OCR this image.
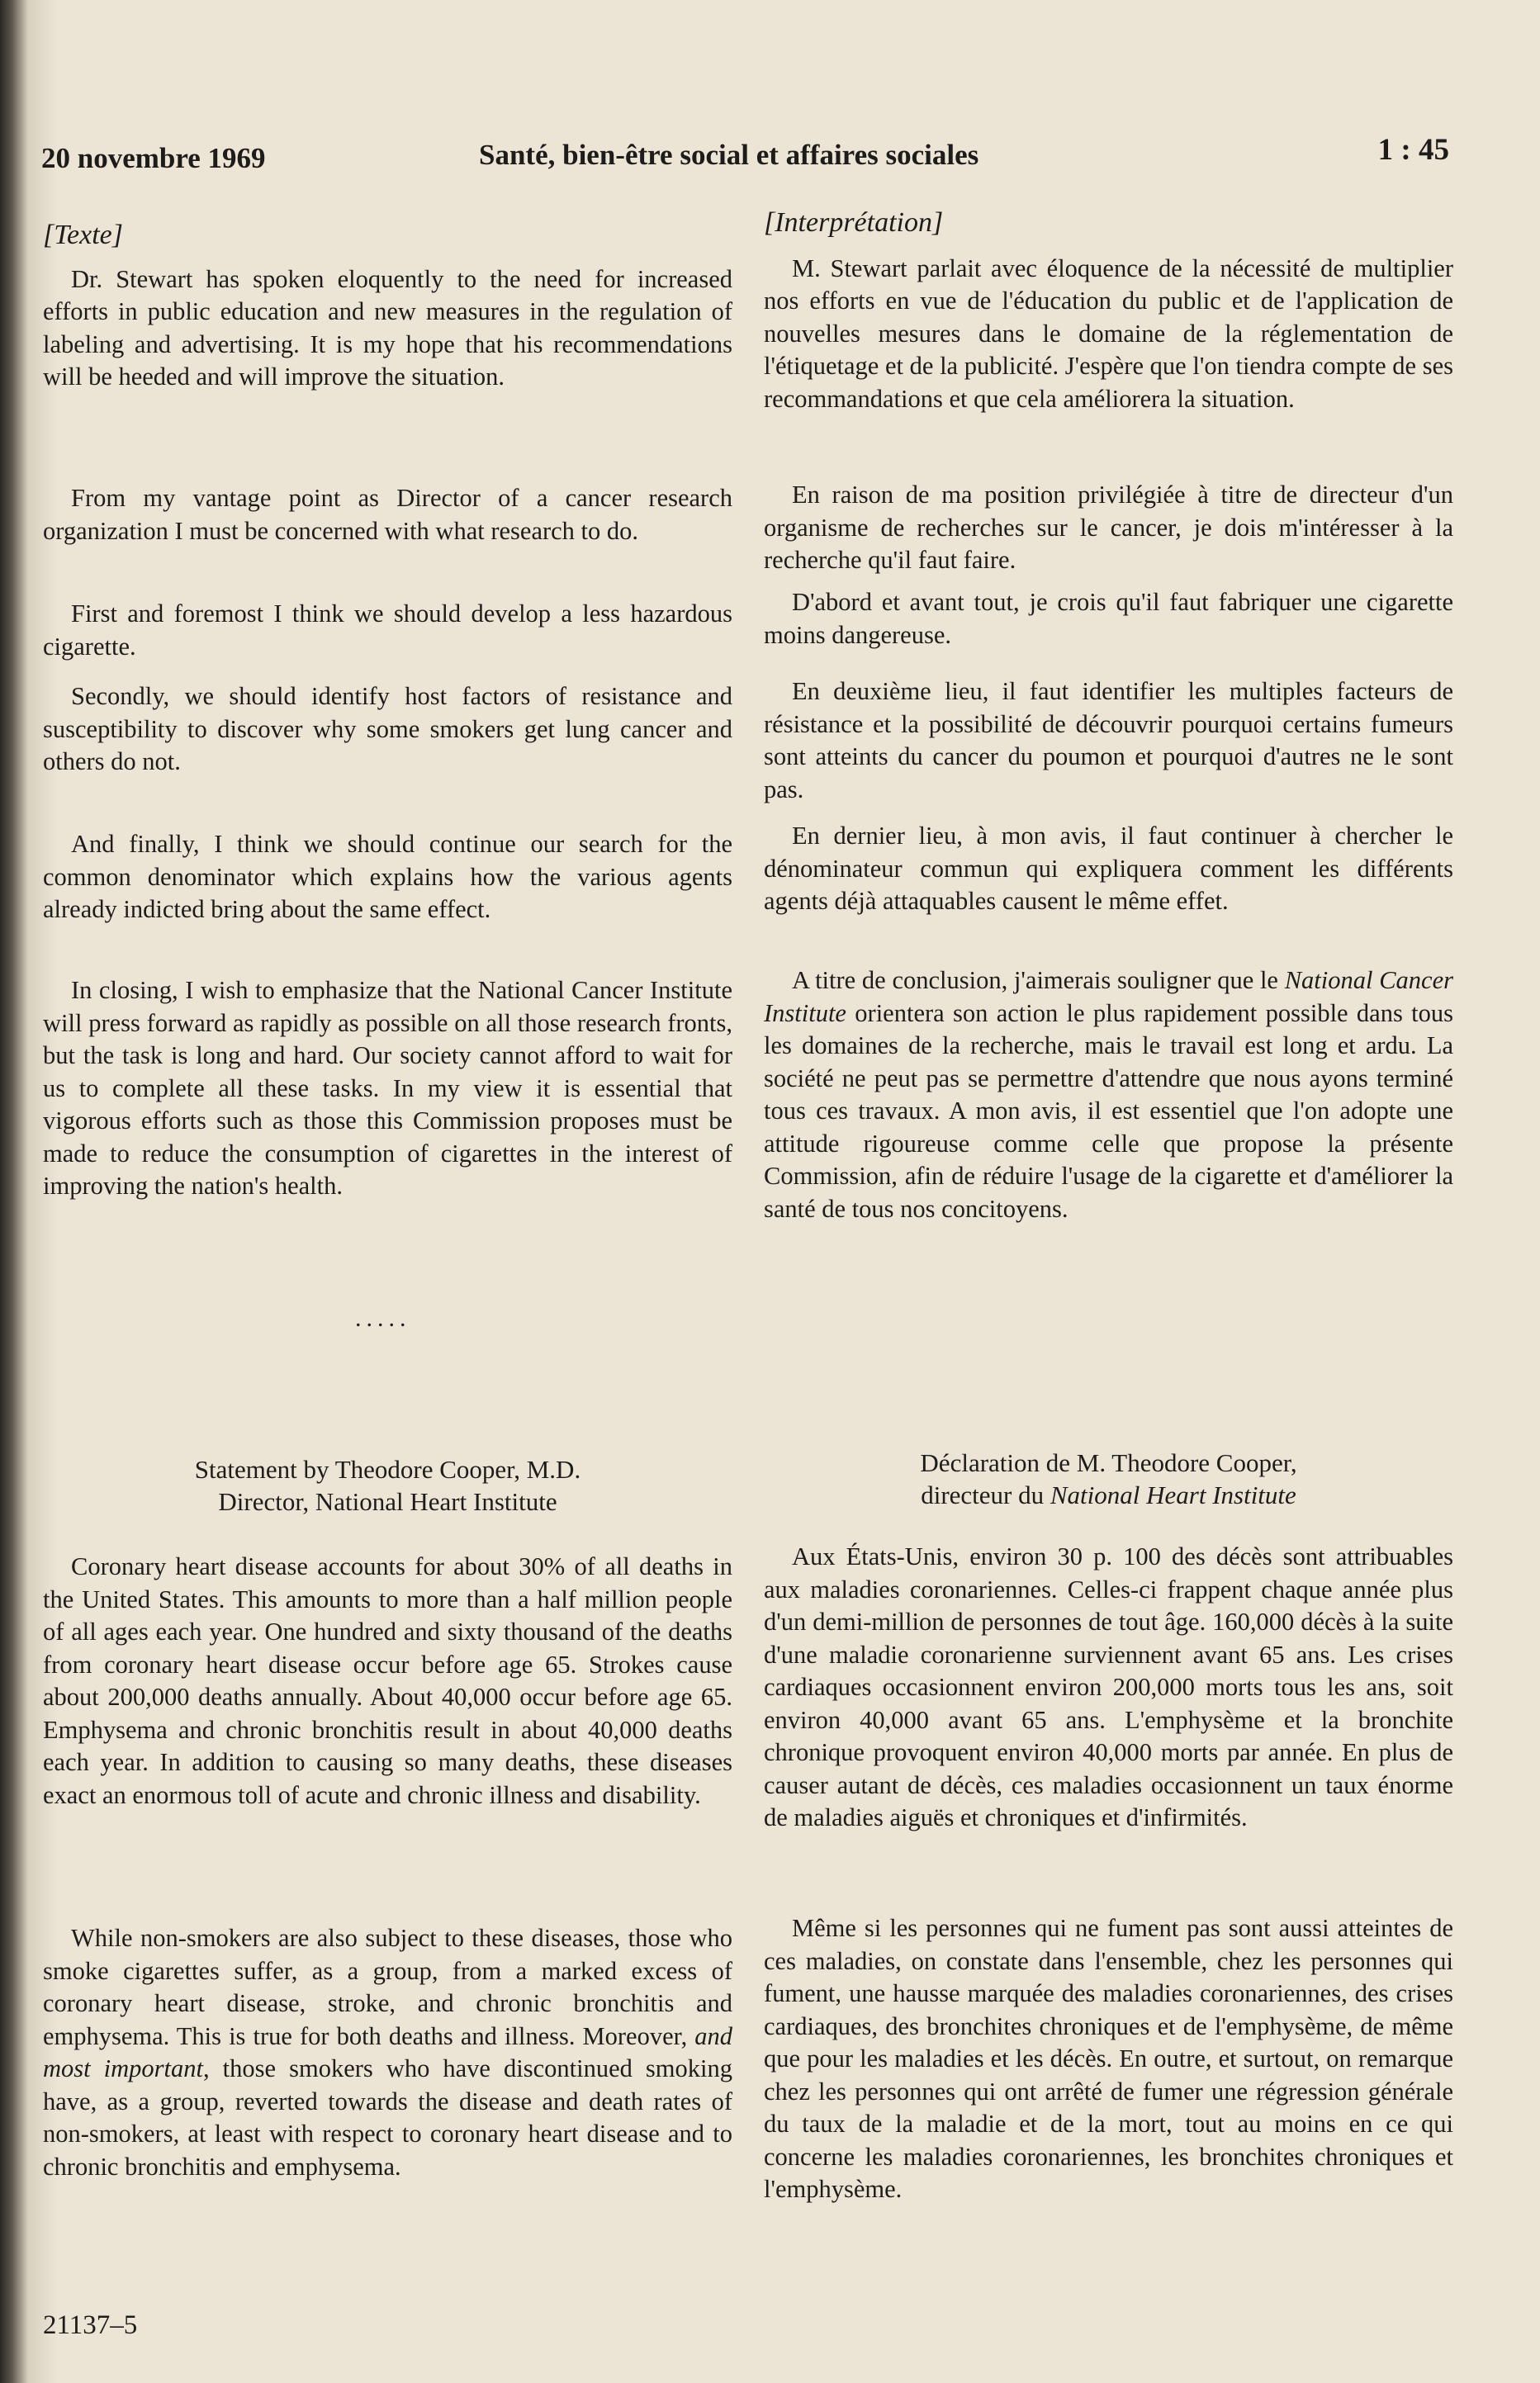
20 novembre 1969	Santé, bien-être social et affaires sociales	1 : 45

[Texte]

Dr. Stewart has spoken eloquently to the need for increased efforts in public education and new measures in the regulation of labeling and advertising. It is my hope that his recommendations will be heeded and will improve the situation.

From my vantage point as Director of a cancer research organization I must be concerned with what research to do.

First and foremost I think we should develop a less hazardous cigarette.

Secondly, we should identify host factors of resistance and susceptibility to discover why some smokers get lung cancer and others do not.

And finally, I think we should continue our search for the common denominator which explains how the various agents already indicted bring about the same effect.

In closing, I wish to emphasize that the National Cancer Institute will press forward as rapidly as possible on all those research fronts, but the task is long and hard. Our society cannot afford to wait for us to complete all these tasks. In my view it is essential that vigorous efforts such as those this Commission proposes must be made to reduce the consumption of cigarettes in the interest of improving the nation's health.

.....
Statement by Theodore Cooper, M.D.
Director, National Heart Institute

Coronary heart disease accounts for about 30% of all deaths in the United States. This amounts to more than a half million people of all ages each year. One hundred and sixty thousand of the deaths from coronary heart disease occur before age 65. Strokes cause about 200,000 deaths annually. About 40,000 occur before age 65. Emphysema and chronic bronchitis result in about 40,000 deaths each year. In addition to causing so many deaths, these diseases exact an enormous toll of acute and chronic illness and disability.

While non-smokers are also subject to these diseases, those who smoke cigarettes suffer, as a group, from a marked excess of coronary heart disease, stroke, and chronic bronchitis and emphysema. This is true for both deaths and illness. Moreover, and most important, those smokers who have discontinued smoking have, as a group, reverted towards the disease and death rates of non-smokers, at least with respect to coronary heart disease and to chronic bronchitis and emphysema.

[Interprétation]

M. Stewart parlait avec éloquence de la nécessité de multiplier nos efforts en vue de l'éducation du public et de l'application de nouvelles mesures dans le domaine de la réglementation de l'étiquetage et de la publicité. J'espère que l'on tiendra compte de ses recommandations et que cela améliorera la situation.

En raison de ma position privilégiée à titre de directeur d'un organisme de recherches sur le cancer, je dois m'intéresser à la recherche qu'il faut faire.

D'abord et avant tout, je crois qu'il faut fabriquer une cigarette moins dangereuse.

En deuxième lieu, il faut identifier les multiples facteurs de résistance et la possibilité de découvrir pourquoi certains fumeurs sont atteints du cancer du poumon et pourquoi d'autres ne le sont pas.

En dernier lieu, à mon avis, il faut continuer à chercher le dénominateur commun qui expliquera comment les différents agents déjà attaquables causent le même effet.

A titre de conclusion, j'aimerais souligner que le National Cancer Institute orientera son action le plus rapidement possible dans tous les domaines de la recherche, mais le travail est long et ardu. La société ne peut pas se permettre d'attendre que nous ayons terminé tous ces travaux. A mon avis, il est essentiel que l'on adopte une attitude rigoureuse comme celle que propose la présente Commission, afin de réduire l'usage de la cigarette et d'améliorer la santé de tous nos concitoyens.

Déclaration de M. Theodore Cooper,
directeur du National Heart Institute

Aux États-Unis, environ 30 p. 100 des décès sont attribuables aux maladies coronariennes. Celles-ci frappent chaque année plus d'un demi-million de personnes de tout âge. 160,000 décès à la suite d'une maladie coronarienne surviennent avant 65 ans. Les crises cardiaques occasionnent environ 200,000 morts tous les ans, soit environ 40,000 avant 65 ans. L'emphysème et la bronchite chronique provoquent environ 40,000 morts par année. En plus de causer autant de décès, ces maladies occasionnent un taux énorme de maladies aiguës et chroniques et d'infirmités.

Même si les personnes qui ne fument pas sont aussi atteintes de ces maladies, on constate dans l'ensemble, chez les personnes qui fument, une hausse marquée des maladies coronariennes, des crises cardiaques, des bronchites chroniques et de l'emphysème, de même que pour les maladies et les décès. En outre, et surtout, on remarque chez les personnes qui ont arrêté de fumer une régression générale du taux de la maladie et de la mort, tout au moins en ce qui concerne les maladies coronariennes, les bronchites chroniques et l'emphysème.

21137–5
